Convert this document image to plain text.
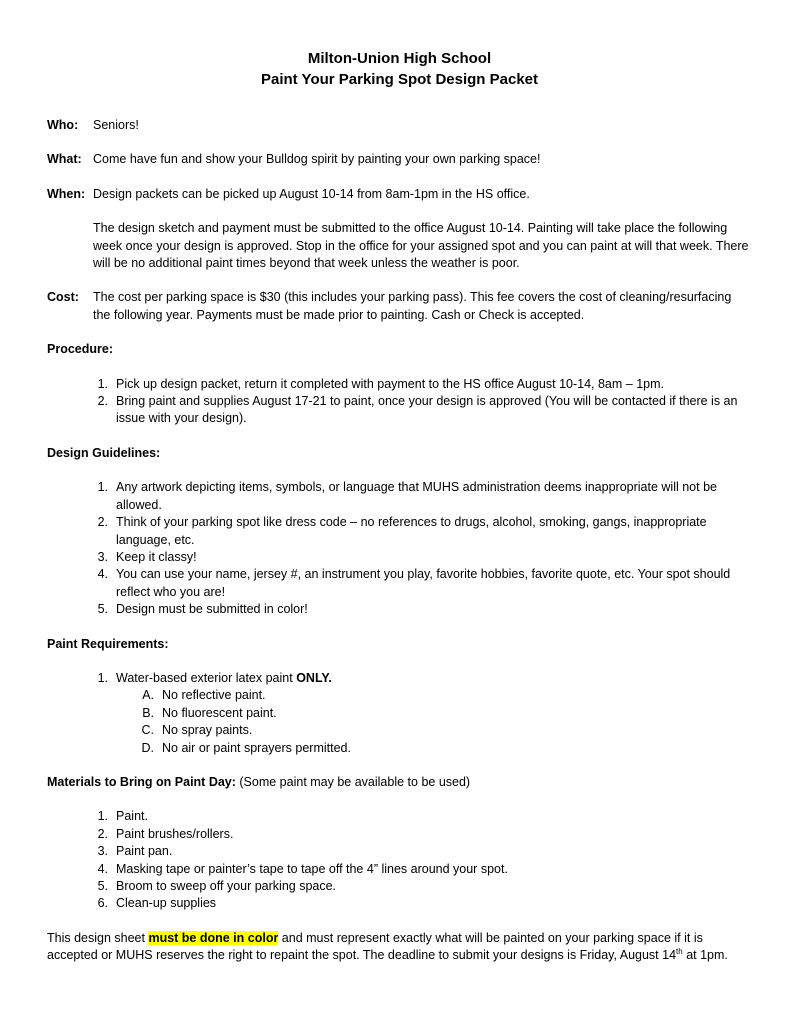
Milton-Union High School

Paint Your Parking Spot Design Packet

Who:	Seniors!
What: Come have fun and show your Bulldog spirit by painting your own parking space!
When: Design packets can be picked up August 10-14 from 8am-1pm in the HS office.
The design sketch and payment must be submitted to the office August 10-14. Painting will take place the following week once your design is approved. Stop in the office for your assigned spot and you can paint at will that week. There will be no additional paint times beyond that week unless the weather is poor.
Cost:	The cost per parking space is $30 (this includes your parking pass). This fee covers the cost of cleaning/resurfacing the following year. Payments must be made prior to painting. Cash or Check is accepted.
Procedure:
1. Pick up design packet, return it completed with payment to the HS office August 10-14, 8am – 1pm.
2. Bring paint and supplies August 17-21 to paint, once your design is approved (You will be contacted if there is an issue with your design).
Design Guidelines:
1. Any artwork depicting items, symbols, or language that MUHS administration deems inappropriate will not be allowed.
2. Think of your parking spot like dress code – no references to drugs, alcohol, smoking, gangs, inappropriate language, etc.
3. Keep it classy!
4. You can use your name, jersey #, an instrument you play, favorite hobbies, favorite quote, etc. Your spot should reflect who you are!
5. Design must be submitted in color!
Paint Requirements:
1. Water-based exterior latex paint ONLY.
A. No reflective paint.
B. No fluorescent paint.
C. No spray paints.
D. No air or paint sprayers permitted.
Materials to Bring on Paint Day: (Some paint may be available to be used)
1. Paint.
2. Paint brushes/rollers.
3. Paint pan.
4. Masking tape or painter’s tape to tape off the 4” lines around your spot.
5. Broom to sweep off your parking space.
6. Clean-up supplies
This design sheet must be done in color and must represent exactly what will be painted on your parking space if it is accepted or MUHS reserves the right to repaint the spot. The deadline to submit your designs is Friday, August 14th at 1pm.
